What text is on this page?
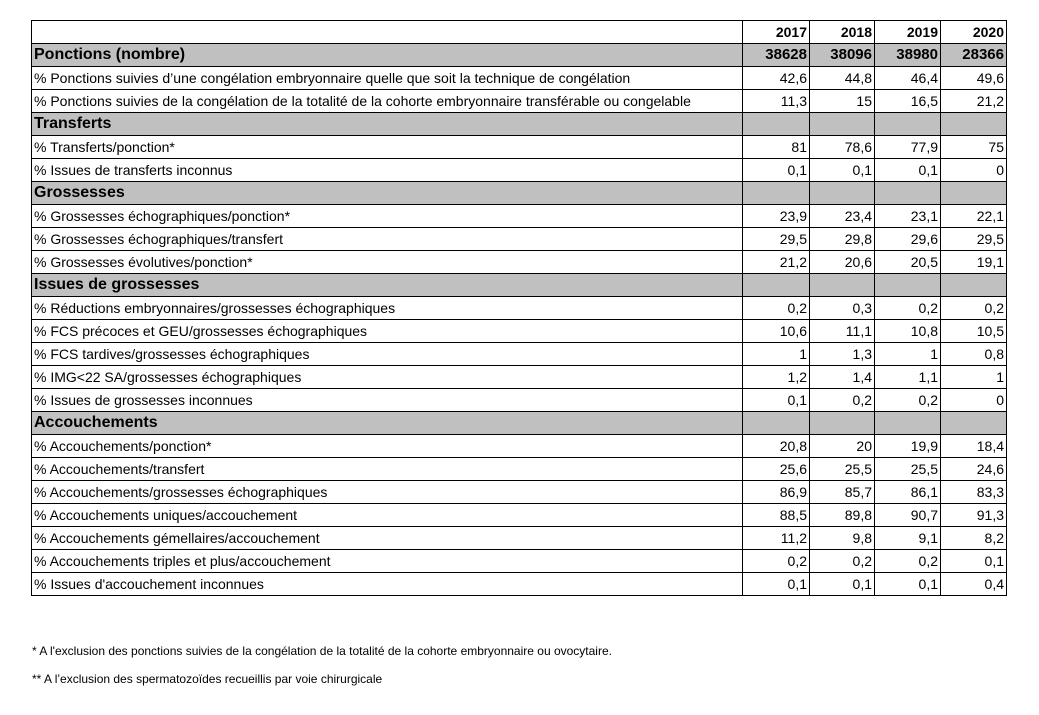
	2017	2018	2019	2020
Ponctions (nombre)	38628	38096	38980	28366
% Ponctions suivies d’une congélation embryonnaire quelle que soit la technique de congélation	42,6	44,8	46,4	49,6
% Ponctions suivies de la congélation de la totalité de la cohorte embryonnaire transférable ou congelable	11,3	15	16,5	21,2
Transferts				
% Transferts/ponction*	81	78,6	77,9	75
% Issues de transferts inconnus	0,1	0,1	0,1	0
Grossesses				
% Grossesses échographiques/ponction*	23,9	23,4	23,1	22,1
% Grossesses échographiques/transfert	29,5	29,8	29,6	29,5
% Grossesses évolutives/ponction*	21,2	20,6	20,5	19,1
Issues de grossesses				
% Réductions embryonnaires/grossesses échographiques	0,2	0,3	0,2	0,2
% FCS précoces et GEU/grossesses échographiques	10,6	11,1	10,8	10,5
% FCS tardives/grossesses échographiques	1	1,3	1	0,8
% IMG<22 SA/grossesses échographiques	1,2	1,4	1,1	1
% Issues de grossesses inconnues	0,1	0,2	0,2	0
Accouchements				
% Accouchements/ponction*	20,8	20	19,9	18,4
% Accouchements/transfert	25,6	25,5	25,5	24,6
% Accouchements/grossesses échographiques	86,9	85,7	86,1	83,3
% Accouchements uniques/accouchement	88,5	89,8	90,7	91,3
% Accouchements gémellaires/accouchement	11,2	9,8	9,1	8,2
% Accouchements triples et plus/accouchement	0,2	0,2	0,2	0,1
% Issues d'accouchement inconnues	0,1	0,1	0,1	0,4
* A l'exclusion des ponctions suivies de la congélation de la totalité de la cohorte embryonnaire ou ovocytaire.
** A l’exclusion des spermatozoïdes recueillis par voie chirurgicale
